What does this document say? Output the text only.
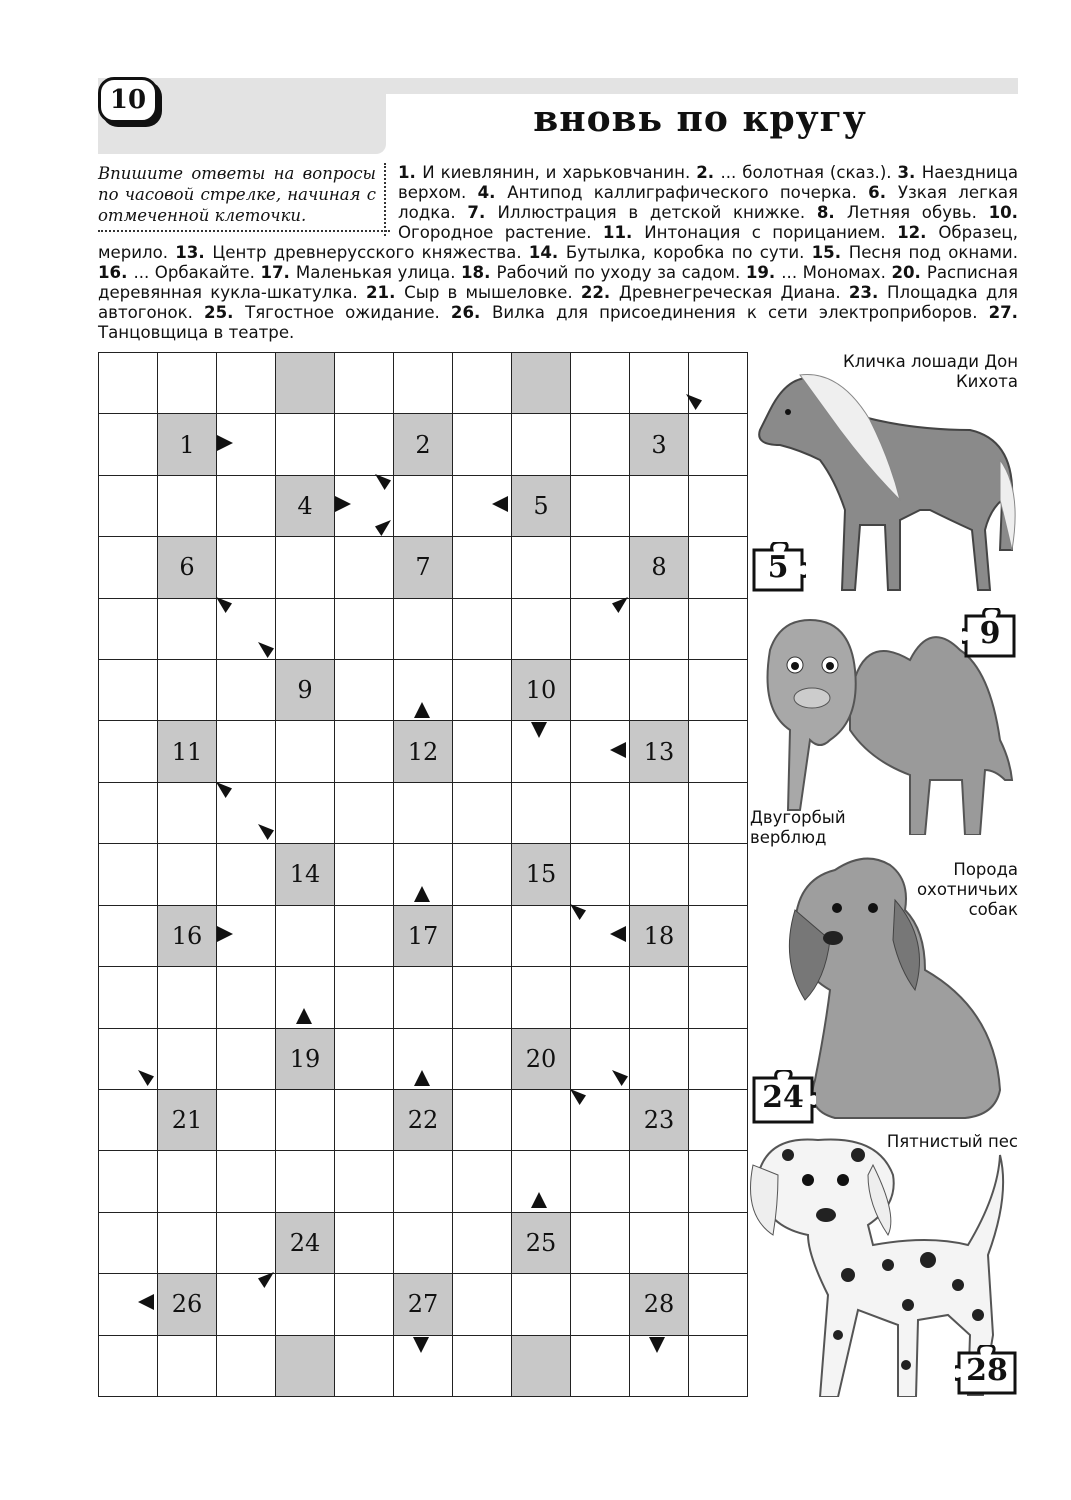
10	вновь по кругу
1. И киевлянин, и харьковчанин. 2. ... болотная (сказ.). 3. Наездница верхом. 4. Антипод каллиграфического почерка. 6. Узкая легкая лодка. 7. Иллюстрация в детской книжке. 8. Летняя обувь. 10. Огородное растение. 11. Интонация с порицанием. 12. Образец, мерило. 13. Центр древнерусского княжества. 14. Бутылка, коробка по сути. 15. Песня под окнами. 16. ... Орбакайте. 17. Маленькая улица. 18. Рабочий по уходу за садом. 19. ... Мономах. 20. Расписная деревянная кукла-шкатулка. 21. Сыр в мышеловке. 22. Древнегреческая Диана. 23. Площадка для автогонок. 25. Тягостное ожидание. 26. Вилка для присоединения к сети электроприборов. 27. Танцовщица в театре.
Впишите ответы на вопросы по часовой стрелке, начиная с отмеченной клеточки.
1	2	3
4	5
6	7	8
9	10
11	12	13
14	15
16	17	18
19	20
21	22	23
24	25
26	27	28
Кличка лошади Дон Кихота
5
9
Двугорбый верблюд
Порода охотничьих собак
24
Пятнистый пес
28
